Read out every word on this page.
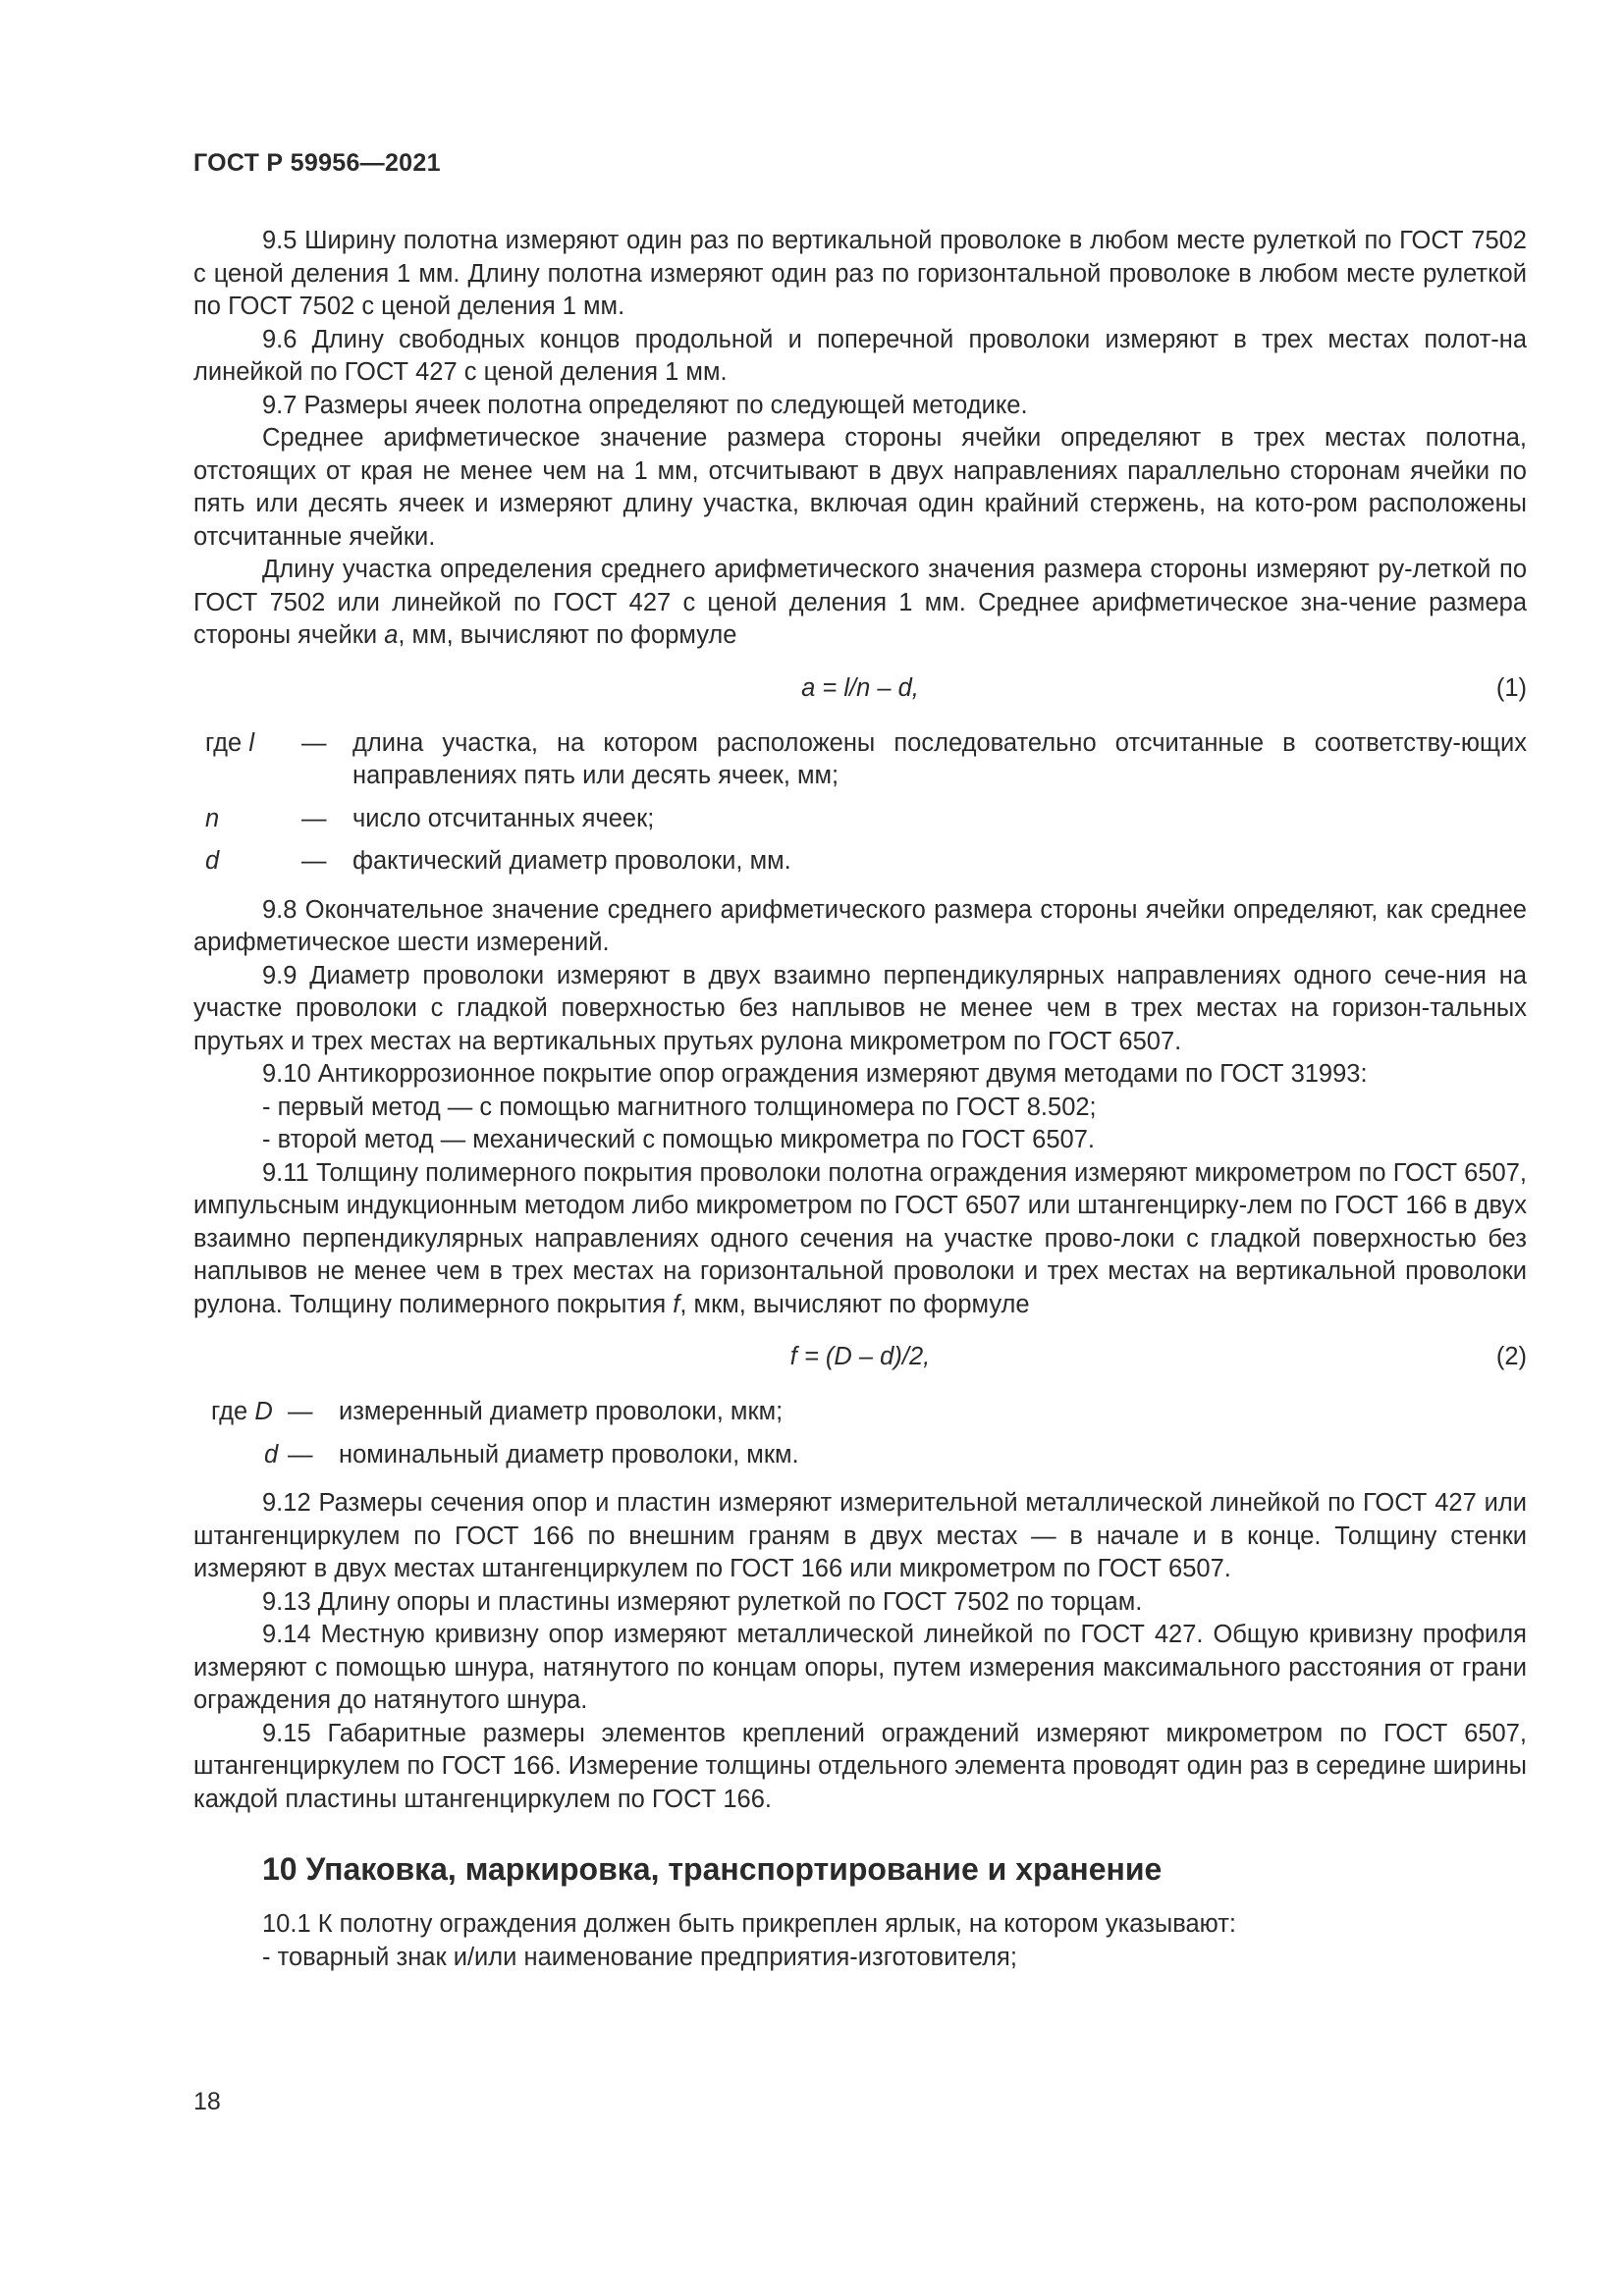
ГОСТ Р 59956—2021

9.5 Ширину полотна измеряют один раз по вертикальной проволоке в любом месте рулеткой по ГОСТ 7502 с ценой деления 1 мм. Длину полотна измеряют один раз по горизонтальной проволоке в любом месте рулеткой по ГОСТ 7502 с ценой деления 1 мм.

9.6 Длину свободных концов продольной и поперечной проволоки измеряют в трех местах полот-на линейкой по ГОСТ 427 с ценой деления 1 мм.

9.7 Размеры ячеек полотна определяют по следующей методике.

Среднее арифметическое значение размера стороны ячейки определяют в трех местах полотна, отстоящих от края не менее чем на 1 мм, отсчитывают в двух направлениях параллельно сторонам ячейки по пять или десять ячеек и измеряют длину участка, включая один крайний стержень, на кото-ром расположены отсчитанные ячейки.

Длину участка определения среднего арифметического значения размера стороны измеряют ру-леткой по ГОСТ 7502 или линейкой по ГОСТ 427 с ценой деления 1 мм. Среднее арифметическое зна-чение размера стороны ячейки a, мм, вычисляют по формуле

a = l/n – d,	(1)
где l	—	длина участка, на котором расположены последовательно отсчитанные в соответству-ющих направлениях пять или десять ячеек, мм;
n	—	число отсчитанных ячеек;
d	—	фактический диаметр проволоки, мм.

9.8 Окончательное значение среднего арифметического размера стороны ячейки определяют, как среднее арифметическое шести измерений.

9.9 Диаметр проволоки измеряют в двух взаимно перпендикулярных направлениях одного сече-ния на участке проволоки с гладкой поверхностью без наплывов не менее чем в трех местах на горизон-тальных прутьях и трех местах на вертикальных прутьях рулона микрометром по ГОСТ 6507.

9.10 Антикоррозионное покрытие опор ограждения измеряют двумя методами по ГОСТ 31993:

- первый метод — с помощью магнитного толщиномера по ГОСТ 8.502;

- второй метод — механический с помощью микрометра по ГОСТ 6507.

9.11 Толщину полимерного покрытия проволоки полотна ограждения измеряют микрометром по ГОСТ 6507, импульсным индукционным методом либо микрометром по ГОСТ 6507 или штангенцирку-лем по ГОСТ 166 в двух взаимно перпендикулярных направлениях одного сечения на участке прово-локи с гладкой поверхностью без наплывов не менее чем в трех местах на горизонтальной проволоки и трех местах на вертикальной проволоки рулона. Толщину полимерного покрытия f, мкм, вычисляют по формуле

f = (D – d)/2,	(2)
где D —	измеренный диаметр проволоки, мкм;
d —	номинальный диаметр проволоки, мкм.

9.12 Размеры сечения опор и пластин измеряют измерительной металлической линейкой по ГОСТ 427 или штангенциркулем по ГОСТ 166 по внешним граням в двух местах — в начале и в конце. Толщину стенки измеряют в двух местах штангенциркулем по ГОСТ 166 или микрометром по ГОСТ 6507.

9.13 Длину опоры и пластины измеряют рулеткой по ГОСТ 7502 по торцам.

9.14 Местную кривизну опор измеряют металлической линейкой по ГОСТ 427. Общую кривизну профиля измеряют с помощью шнура, натянутого по концам опоры, путем измерения максимального расстояния от грани ограждения до натянутого шнура.

9.15 Габаритные размеры элементов креплений ограждений измеряют микрометром по ГОСТ 6507, штангенциркулем по ГОСТ 166. Измерение толщины отдельного элемента проводят один раз в середине ширины каждой пластины штангенциркулем по ГОСТ 166.

10 Упаковка, маркировка, транспортирование и хранение

10.1 К полотну ограждения должен быть прикреплен ярлык, на котором указывают:

- товарный знак и/или наименование предприятия-изготовителя;

18
